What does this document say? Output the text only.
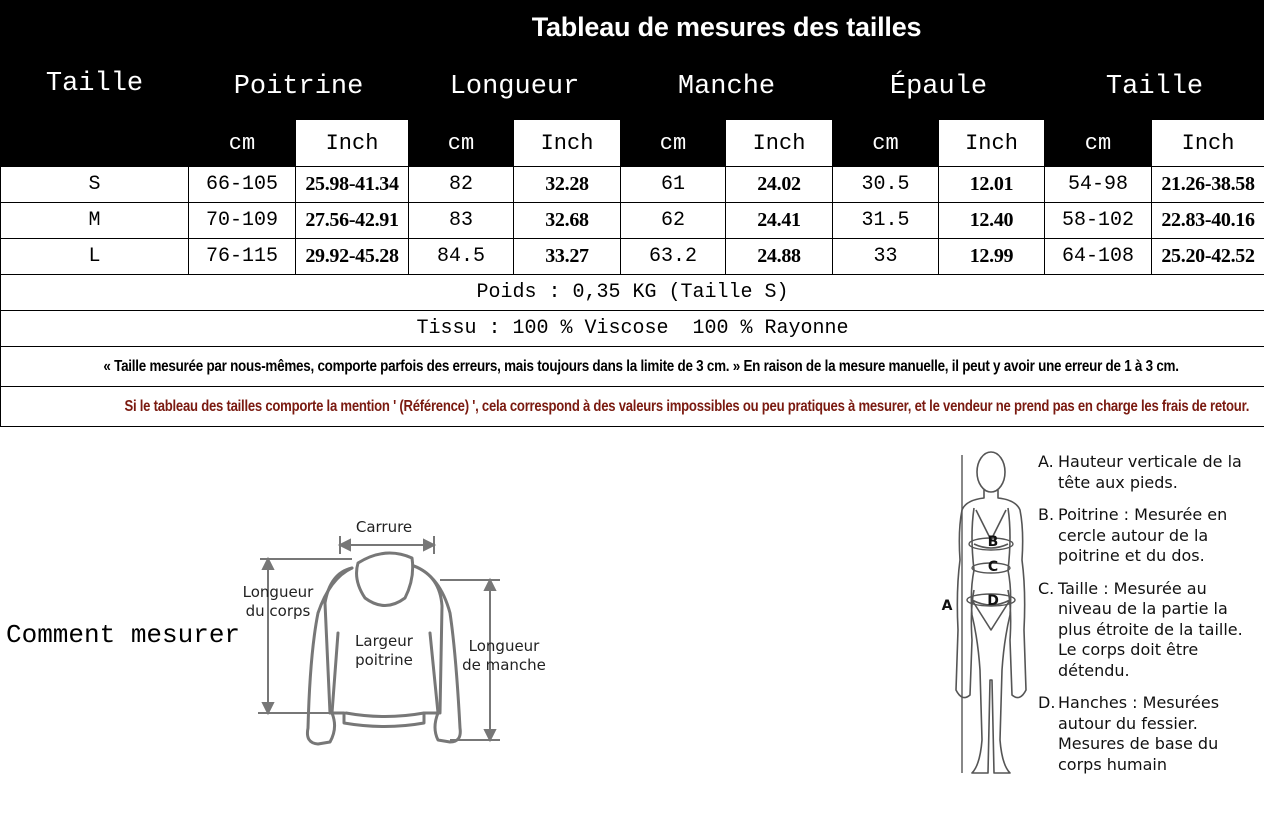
Taille	Tableau de mesures des tailles									
	Poitrine		Longueur		Manche		Épaule		Taille	
	cm	Inch	cm	Inch	cm	Inch	cm	Inch	cm	Inch
S	66-105	25.98-41.34	82	32.28	61	24.02	30.5	12.01	54-98	21.26-38.58
M	70-109	27.56-42.91	83	32.68	62	24.41	31.5	12.40	58-102	22.83-40.16
L	76-115	29.92-45.28	84.5	33.27	63.2	24.88	33	12.99	64-108	25.20-42.52
Poids : 0,35 KG (Taille S)										
Tissu : 100 % Viscose  100 % Rayonne										
« Taille mesurée par nous-mêmes, comporte parfois des erreurs, mais toujours dans la limite de 3 cm. » En raison de la mesure manuelle, il peut y avoir une erreur de 1 à 3 cm.										
Si le tableau des tailles comporte la mention ' (Référence) ', cela correspond à des valeurs impossibles ou peu pratiques à mesurer, et le vendeur ne prend pas en charge les frais de retour.										
Comment mesurer
Carrure
Longueur
du corps
Largeur
poitrine
Longueur
de manche
A
B
C
D
A. Hauteur verticale de la tête aux pieds.
B. Poitrine : Mesurée en cercle autour de la poitrine et du dos.
C. Taille : Mesurée au niveau de la partie la plus étroite de la taille. Le corps doit être détendu.
D. Hanches : Mesurées autour du fessier. Mesures de base du corps humain
